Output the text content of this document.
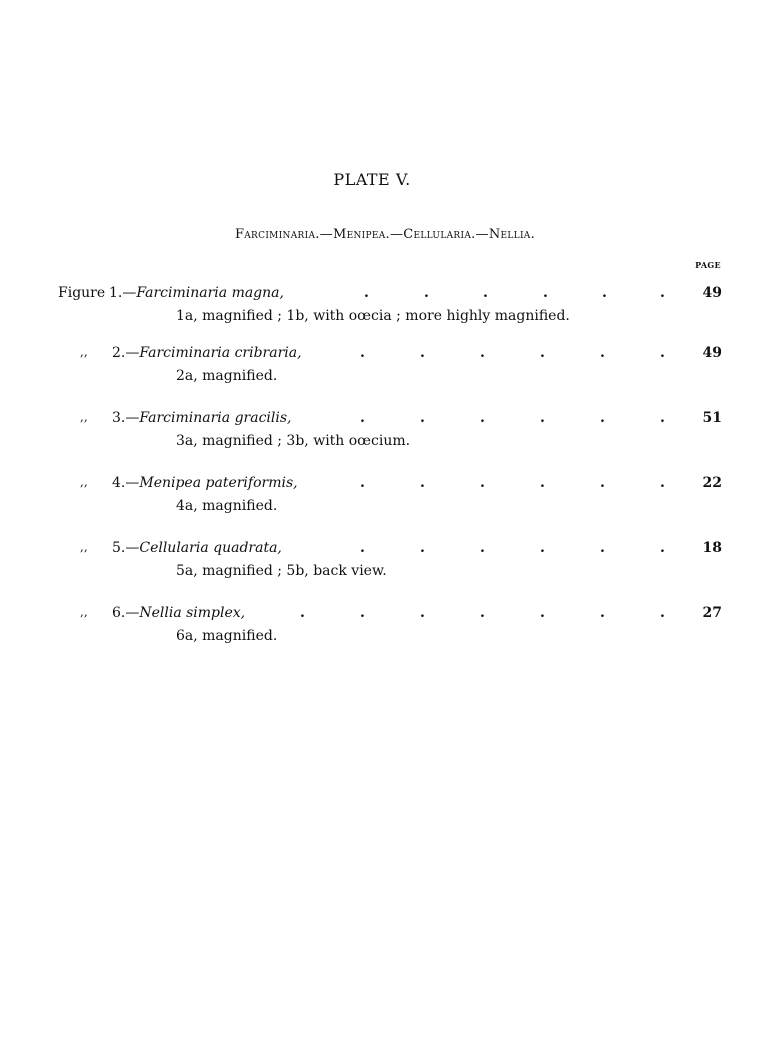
PLATE V.
Farciminaria.—Menipea.—Cellularia.—Nellia.
PAGE
Figure 1.—Farciminaria magna,	.	.	.	.	.	.	49
1a, magnified ; 1b, with oœcia ; more highly magnified.
,, 2.—Farciminaria cribraria,	.	.	.	.	.	.	49
2a, magnified.
,, 3.—Farciminaria gracilis,	.	.	.	.	.	.	51
3a, magnified ; 3b, with oœcium.
,, 4.—Menipea pateriformis,	.	.	.	.	.	.	22
4a, magnified.
,, 5.—Cellularia quadrata,	.	.	.	.	.	.	18
5a, magnified ; 5b, back view.
,, 6.—Nellia simplex,	.	.	.	.	.	.	.	27
6a, magnified.
